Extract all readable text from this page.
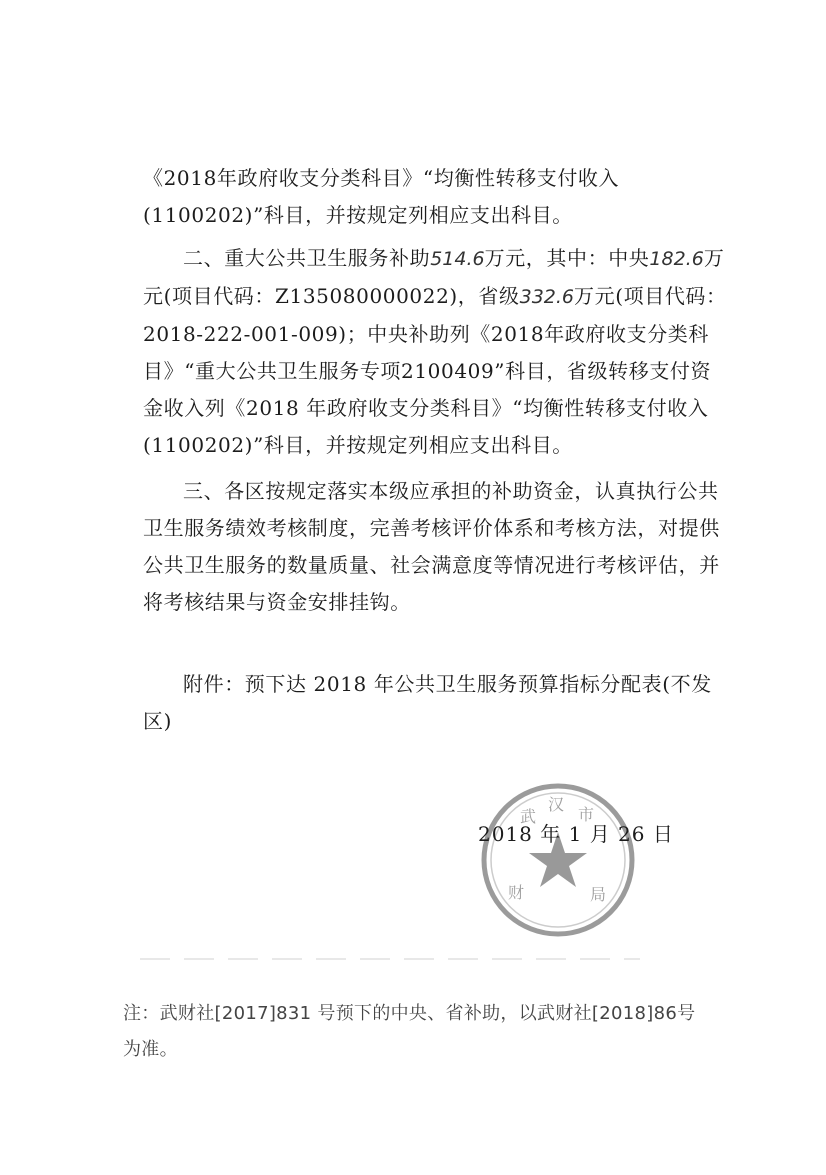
《2018年政府收支分类科目》“均衡性转移支付收入(1100202)”科目，并按规定列相应支出科目。

二、重大公共卫生服务补助514.6万元，其中：中央182.6万元(项目代码：Z135080000022)，省级332.6万元(项目代码：2018-222-001-009)；中央补助列《2018年政府收支分类科目》“重大公共卫生服务专项2100409”科目，省级转移支付资金收入列《2018 年政府收支分类科目》“均衡性转移支付收入(1100202)”科目，并按规定列相应支出科目。

三、各区按规定落实本级应承担的补助资金，认真执行公共卫生服务绩效考核制度，完善考核评价体系和考核方法，对提供公共卫生服务的数量质量、社会满意度等情况进行考核评估，并将考核结果与资金安排挂钩。

附件：预下达 2018 年公共卫生服务预算指标分配表(不发区)

武
汉
市
局
财
2018 年 1 月 26 日
注：武财社[2017]831 号预下的中央、省补助，以武财社[2018]86号为准。
